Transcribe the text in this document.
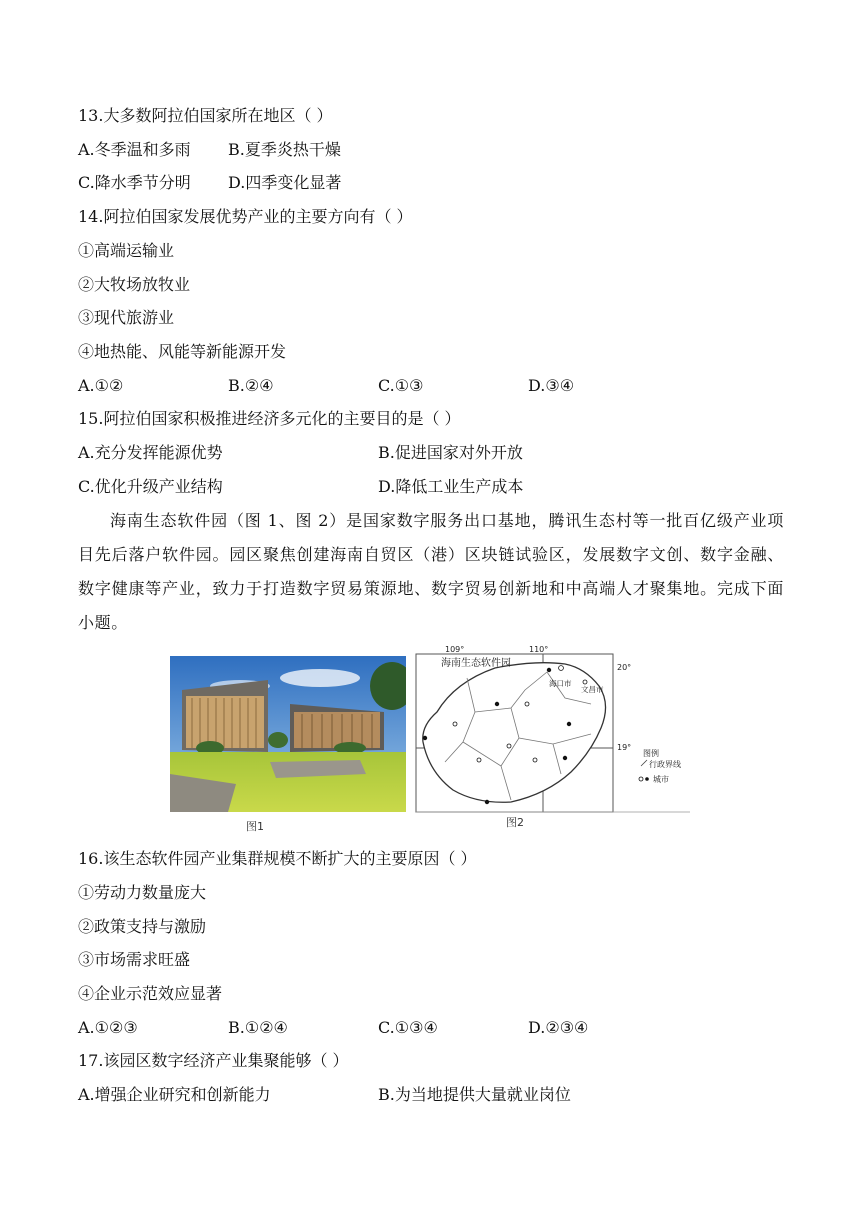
13.大多数阿拉伯国家所在地区（ ）
A.冬季温和多雨 B.夏季炎热干燥
C.降水季节分明 D.四季变化显著
14.阿拉伯国家发展优势产业的主要方向有（ ）
①高端运输业
②大牧场放牧业
③现代旅游业
④地热能、风能等新能源开发
A.①②	B.②④	C.①③	D.③④
15.阿拉伯国家积极推进经济多元化的主要目的是（ ）
A.充分发挥能源优势	B.促进国家对外开放
C.优化升级产业结构	D.降低工业生产成本
海南生态软件园（图 1、图 2）是国家数字服务出口基地，腾讯生态村等一批百亿级产业项目先后落户软件园。园区聚焦创建海南自贸区（港）区块链试验区，发展数字文创、数字金融、数字健康等产业，致力于打造数字贸易策源地、数字贸易创新地和中高端人才聚集地。完成下面小题。
109°	110°
20°
19°
海南生态软件园
海口市
文昌市
图例
行政界线
城市
图1	图2
16.该生态软件园产业集群规模不断扩大的主要原因（ ）
①劳动力数量庞大
②政策支持与激励
③市场需求旺盛
④企业示范效应显著
A.①②③	B.①②④	C.①③④	D.②③④
17.该园区数字经济产业集聚能够（ ）
A.增强企业研究和创新能力	B.为当地提供大量就业岗位
